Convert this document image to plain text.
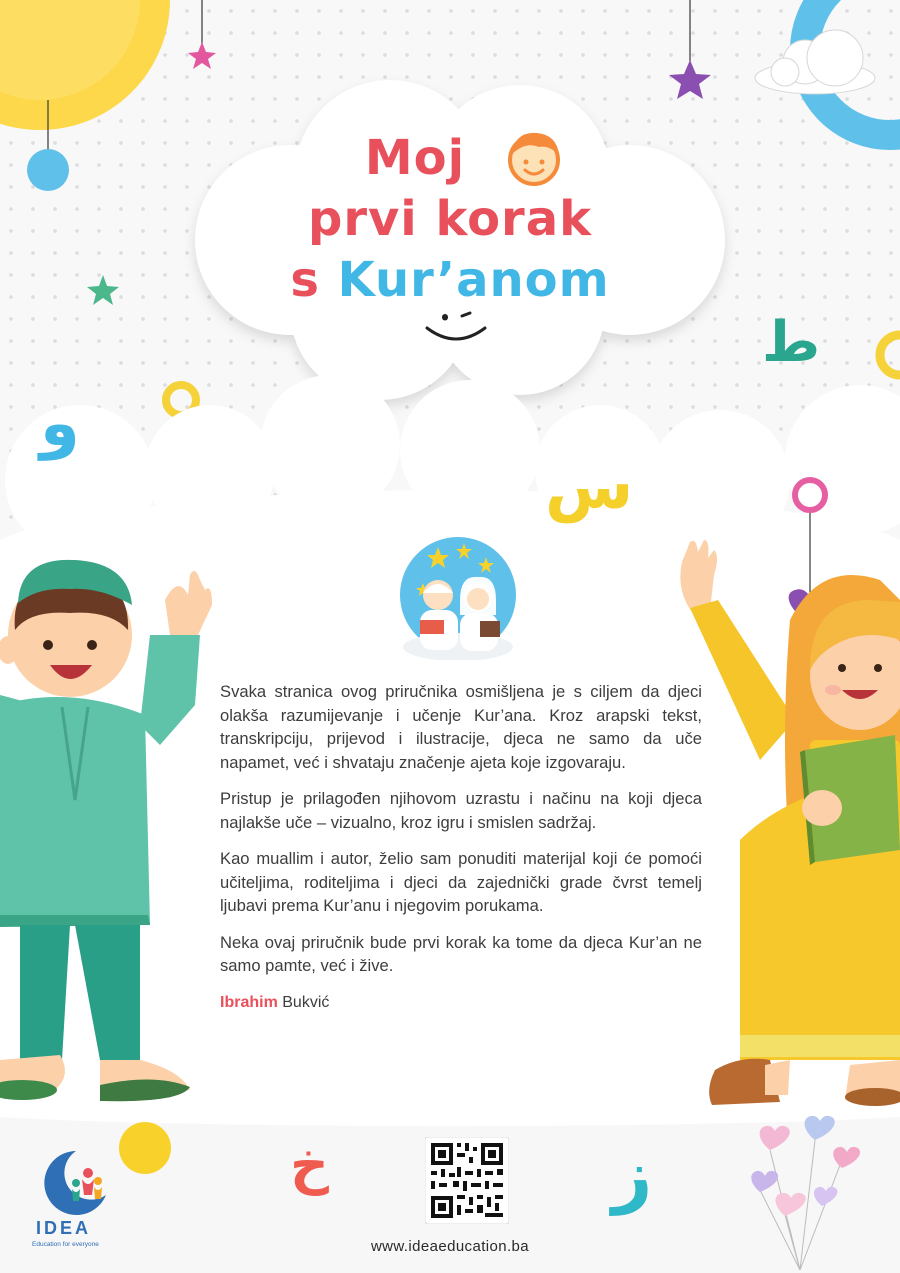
Moj
prvi korak
s Kur’anom
و
ط
س
خ	ز

Svaka stranica ovog priručnika osmišljena je s ciljem da djeci olakša razumijevanje i učenje Kur’ana. Kroz arapski tekst, transkripciju, prijevod i ilustracije, djeca ne samo da uče napamet, već i shvataju značenje ajeta koje izgovaraju.

Pristup je prilagođen njihovom uzrastu i načinu na koji djeca najlakše uče – vizualno, kroz igru i smislen sadržaj.

Kao muallim i autor, želio sam ponuditi materijal koji će pomoći učiteljima, roditeljima i djeci da zajednički grade čvrst temelj ljubavi prema Kur’anu i njegovim porukama.

Neka ovaj priručnik bude prvi korak ka tome da djeca Kur’an ne samo pamte, već i žive.

Ibrahim Bukvić
IDEA
Education for everyone	www.ideaeducation.ba
